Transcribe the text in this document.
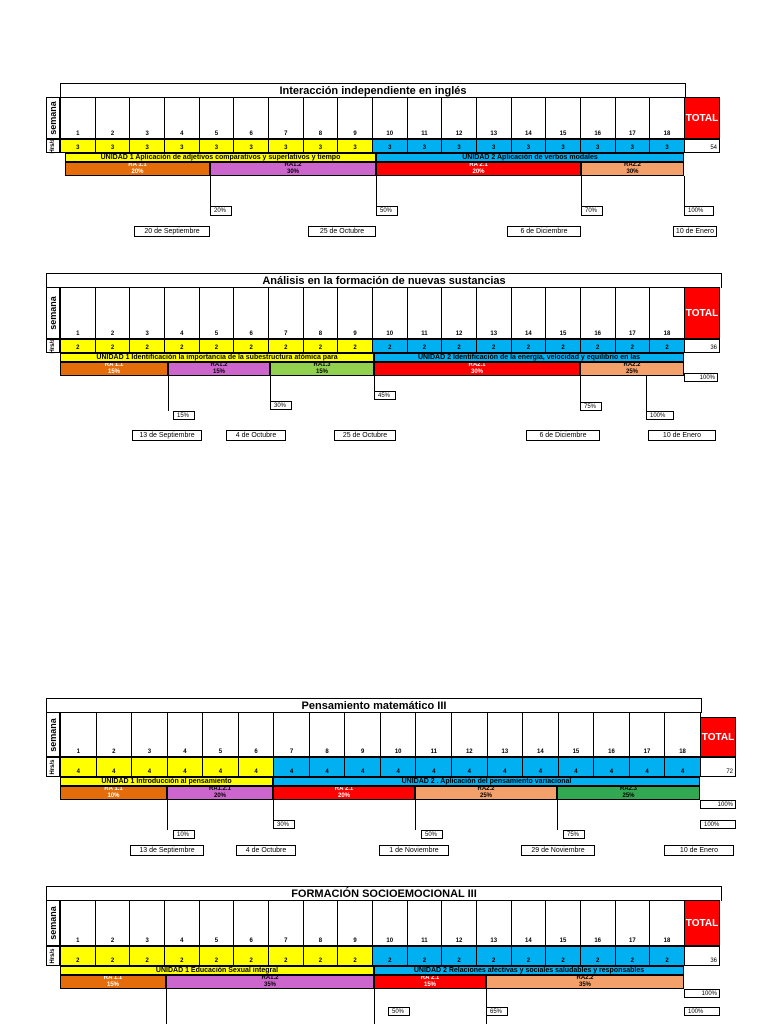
Interacción independiente en inglés
semana
Hrs/s
1	2	3	4	5	6	7	8	9	10	11	12	13	14	15	16	17	18
3	3	3	3	3	3	3	3	3	3	3	3	3	3	3	3	3	3
TOTAL
54
UNIDAD 1 Aplicación de adjetivos comparativos y superlativos y tiempo	UNIDAD 2 Aplicación de verbos modales
RA 1.1
20%
RA1.2
30%
RA 2.1
20%
RA2.2
30%
20%	50%	70%	100%
20 de Septiembre	25 de Octubre	6 de Diciembre	10 de Enero
Análisis en la formación de nuevas sustancias
semana
Hrs/s
1	2	3	4	5	6	7	8	9	10	11	12	13	14	15	16	17	18
2	2	2	2	2	2	2	2	2	2	2	2	2	2	2	2	2	2
TOTAL
36
UNIDAD 1 Identificación la importancia de la subestructura atómica para	UNIDAD 2 Identificación de la energía, velocidad y equilibrio en las
RA 1.1
15%
RA1.2
15%
RA1.3
15%
RA2.1
30%
RA2.2
25%
100%
15%
30%
45%
75%
100%
13 de Septiembre	4 de Octubre	25 de Octubre	6 de Diciembre	10 de Enero
Pensamiento matemático III
semana
Hrs/s
1	2	3	4	5	6	7	8	9	10	11	12	13	14	15	16	17	18
4	4	4	4	4	4	4	4	4	4	4	4	4	4	4	4	4	4
TOTAL
72
UNIDAD 1 Introducción al pensamiento	UNIDAD 2 . Aplicación del pensamiento variacional
RA 1.1
10%
RA1.2.1
20%
RA 2.1
20%
RA2.2
25%
RA2.3
25%
100%
10%
30%
50%	75%
100%
13 de Septiembre	4 de Octubre	1 de Noviembre	29 de Noviembre	10 de Enero
FORMACIÓN SOCIOEMOCIONAL III
semana
Hrs/s
1	2	3	4	5	6	7	8	9	10	11	12	13	14	15	16	17	18
2	2	2	2	2	2	2	2	2	2	2	2	2	2	2	2	2	2
TOTAL
36
UNIDAD 1 Educación Sexual integral	UNIDAD 2 Relaciones afectivas y sociales saludables y responsables
RA 1.1
15%
RA1.2
35%
RA 2.1
15%
RA2.2
35%
100%
50%	65%	100%
